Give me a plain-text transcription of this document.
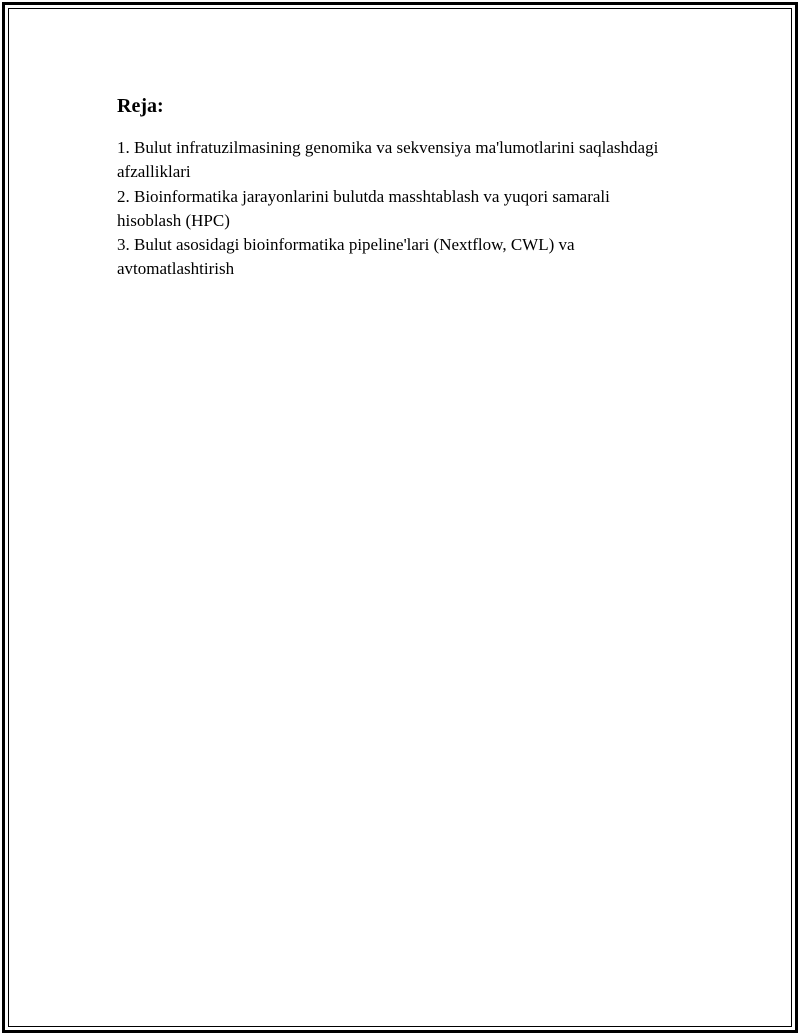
Reja:
1. Bulut infratuzilmasining genomika va sekvensiya ma'lumotlarini saqlashdagi afzalliklari
2. Bioinformatika jarayonlarini bulutda masshtablash va yuqori samarali hisoblash (HPC)
3. Bulut asosidagi bioinformatika pipeline'lari (Nextflow, CWL) va avtomatlashtirish
